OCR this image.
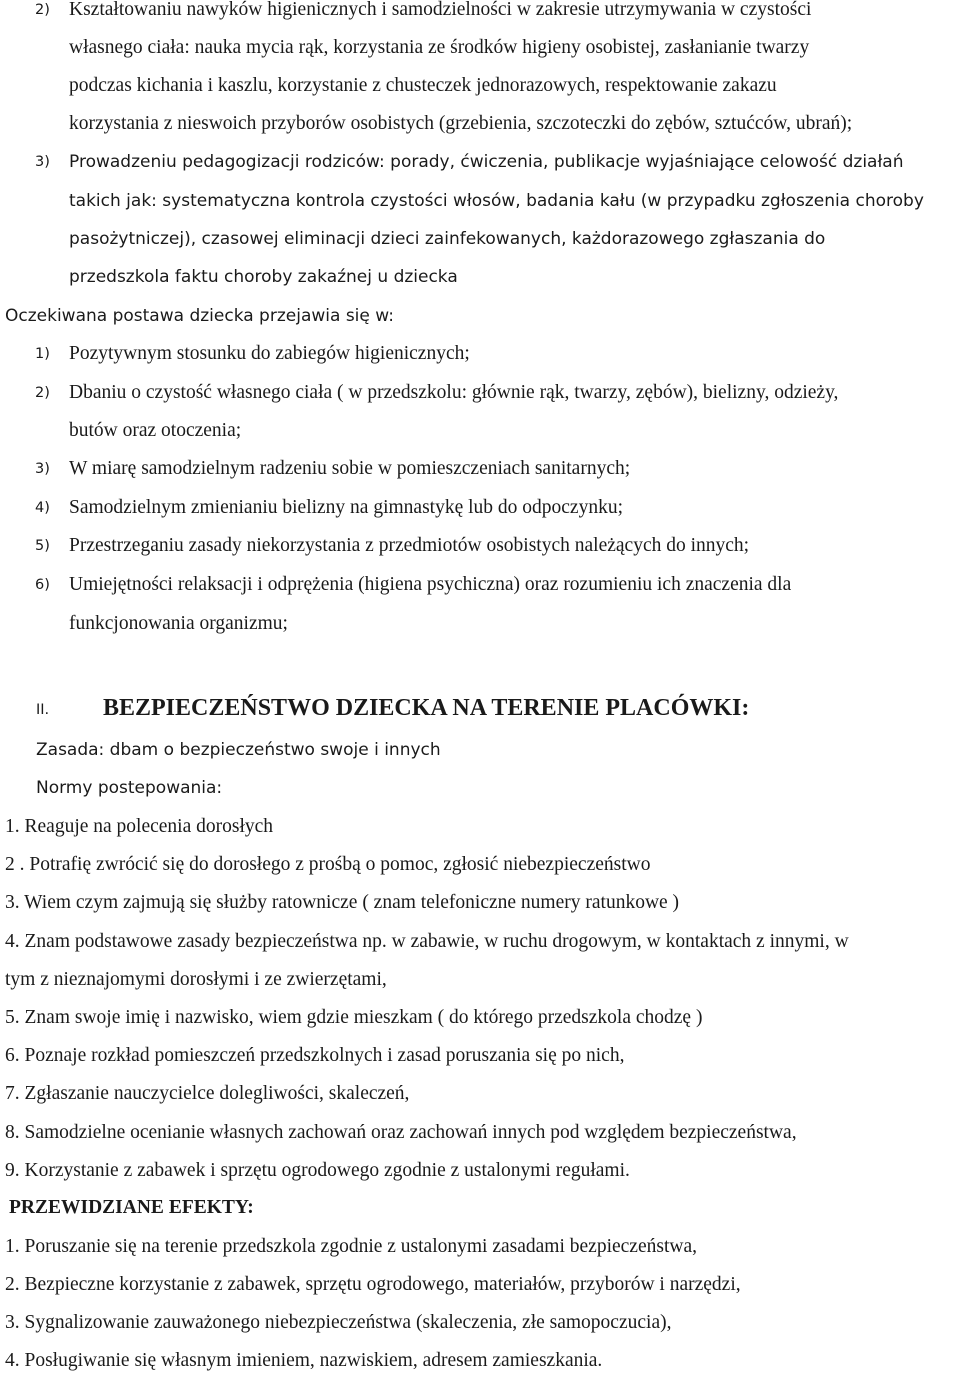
2) Kształtowaniu nawyków higienicznych i samodzielności w zakresie utrzymywania w czystości
własnego ciała: nauka mycia rąk, korzystania ze środków higieny osobistej, zasłanianie twarzy
podczas kichania i kaszlu, korzystanie z chusteczek jednorazowych, respektowanie zakazu
korzystania z nieswoich przyborów osobistych (grzebienia, szczoteczki do zębów, sztućców, ubrań);
3) Prowadzeniu pedagogizacji rodziców: porady, ćwiczenia, publikacje wyjaśniające celowość działań
takich jak: systematyczna kontrola czystości włosów, badania kału (w przypadku zgłoszenia choroby
pasożytniczej), czasowej eliminacji dzieci zainfekowanych, każdorazowego zgłaszania do
przedszkola faktu choroby zakaźnej u dziecka
Oczekiwana postawa dziecka przejawia się w:
1) Pozytywnym stosunku do zabiegów higienicznych;
2) Dbaniu o czystość własnego ciała ( w przedszkolu: głównie rąk, twarzy, zębów), bielizny, odzieży,
butów oraz otoczenia;
3) W miarę samodzielnym radzeniu sobie w pomieszczeniach sanitarnych;
4) Samodzielnym zmienianiu bielizny na gimnastykę lub do odpoczynku;
5) Przestrzeganiu zasady niekorzystania z przedmiotów osobistych należących do innych;
6) Umiejętności relaksacji i odprężenia (higiena psychiczna) oraz rozumieniu ich znaczenia dla
funkcjonowania organizmu;
II. BEZPIECZEŃSTWO DZIECKA NA TERENIE PLACÓWKI:
Zasada: dbam o bezpieczeństwo swoje i innych
Normy postepowania:
1. Reaguje na polecenia dorosłych
2 . Potrafię zwrócić się do dorosłego z prośbą o pomoc, zgłosić niebezpieczeństwo
3. Wiem czym zajmują się służby ratownicze ( znam telefoniczne numery ratunkowe )
4. Znam podstawowe zasady bezpieczeństwa np. w zabawie, w ruchu drogowym, w kontaktach z innymi, w
tym z nieznajomymi dorosłymi i ze zwierzętami,
5. Znam swoje imię i nazwisko, wiem gdzie mieszkam ( do którego przedszkola chodzę )
6. Poznaje rozkład pomieszczeń przedszkolnych i zasad poruszania się po nich,
7. Zgłaszanie nauczycielce dolegliwości, skaleczeń,
8. Samodzielne ocenianie własnych zachowań oraz zachowań innych pod względem bezpieczeństwa,
9. Korzystanie z zabawek i sprzętu ogrodowego zgodnie z ustalonymi regułami.
PRZEWIDZIANE EFEKTY:
1. Poruszanie się na terenie przedszkola zgodnie z ustalonymi zasadami bezpieczeństwa,
2. Bezpieczne korzystanie z zabawek, sprzętu ogrodowego, materiałów, przyborów i narzędzi,
3. Sygnalizowanie zauważonego niebezpieczeństwa (skaleczenia, złe samopoczucia),
4. Posługiwanie się własnym imieniem, nazwiskiem, adresem zamieszkania.
